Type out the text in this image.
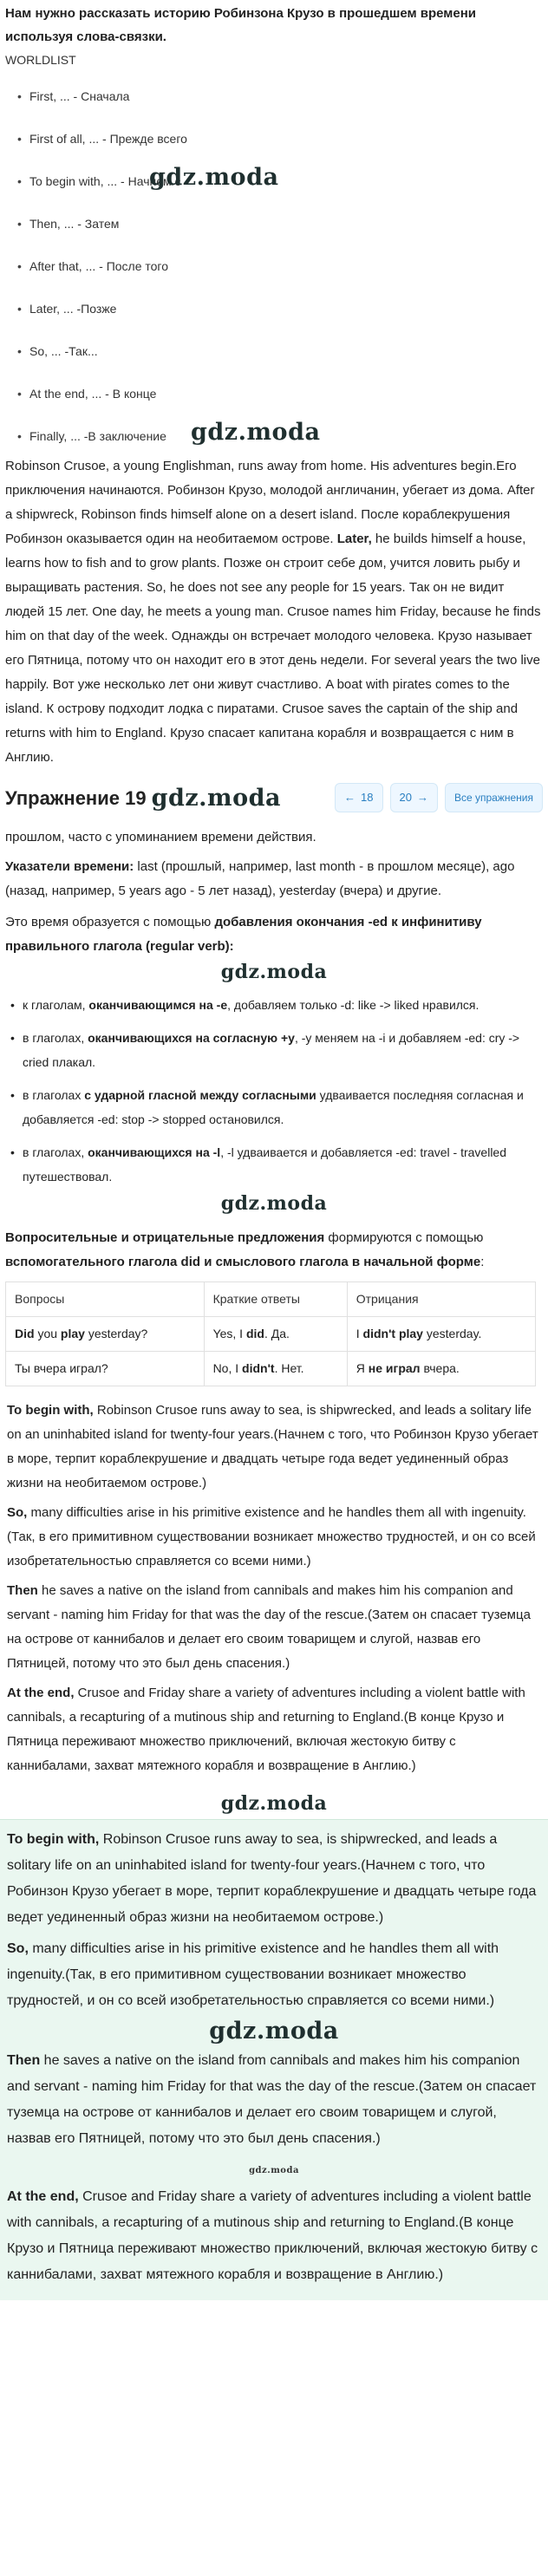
Нам нужно рассказать историю Робинзона Крузо в прошедшем времени используя слова-связки.

WORLDLIST

• First, ... - Сначала
• First of all, ... - Прежде всего
• To begin with, ... - Начнем с
gdz.moda
• Then, ... - Затем
• After that, ... - После того
• Later, ... -Позже
• So, ... -Так...
• At the end, ... - В конце
• Finally, ... -В заключение gdz.moda

Robinson Crusoe, a young Englishman, runs away from home. His adventures begin.Его приключения начинаются. Робинзон Крузо, молодой англичанин, убегает из дома. After a shipwreck, Robinson finds himself alone on a desert island. После кораблекрушения Робинзон оказывается один на необитаемом острове. Later, he builds himself a house, learns how to fish and to grow plants. Позже он строит себе дом, учится ловить рыбу и выращивать растения. So, he does not see any people for 15 years. Так он не видит людей 15 лет. One day, he meets a young man. Crusoe names him Friday, because he finds him on that day of the week. Однажды он встречает молодого человека. Крузо называет его Пятница, потому что он находит его в этот день недели. For several years the two live happily. Вот уже несколько лет они живут счастливо. A boat with pirates comes to the island. К острову подходит лодка с пиратами. Crusoe saves the captain of the ship and returns with him to England. Крузо спасает капитана корабля и возвращается с ним в Англию.

Упражнение 19 gdz.moda	← 18 20 →	Все упражнения

прошлом, часто с упоминанием времени действия.

Указатели времени: last (прошлый, например, last month - в прошлом месяце), ago (назад, например, 5 years ago - 5 лет назад), yesterday (вчера) и другие.

Это время образуется с помощью добавления окончания -ed к инфинитиву правильного глагола (regular verb):

gdz.moda
• к глаголам, оканчивающимся на -e, добавляем только -d: like -> liked нравился.
• в глаголах, оканчивающихся на согласную +y, -y меняем на -i и добавляем -ed: cry -> cried плакал.
• в глаголах с ударной гласной между согласными удваивается последняя согласная и добавляется -ed: stop -> stopped остановился.
• в глаголах, оканчивающихся на -l, -l удваивается и добавляется -ed: travel - travelled путешествовал.
gdz.moda

Вопросительные и отрицательные предложения формируются с помощью вспомогательного глагола did и смыслового глагола в начальной форме:

Вопросы	Краткие ответы	Отрицания
Did you play yesterday?	Yes, I did. Да.	I didn't play yesterday.
Ты вчера играл?	No, I didn't. Нет.	Я не играл вчера.

To begin with, Robinson Crusoe runs away to sea, is shipwrecked, and leads a solitary life on an uninhabited island for twenty-four years.(Начнем с того, что Робинзон Крузо убегает в море, терпит кораблекрушение и двадцать четыре года ведет уединенный образ жизни на необитаемом острове.)

So, many difficulties arise in his primitive existence and he handles them all with ingenuity.(Так, в его примитивном существовании возникает множество трудностей, и он со всей изобретательностью справляется со всеми ними.)

Then he saves a native on the island from cannibals and makes him his companion and servant - naming him Friday for that was the day of the rescue.(Затем он спасает туземца на острове от каннибалов и делает его своим товарищем и слугой, назвав его Пятницей, потому что это был день спасения.)

At the end, Crusoe and Friday share a variety of adventures including a violent battle with cannibals, a recapturing of a mutinous ship and returning to England.(В конце Крузо и Пятница переживают множество приключений, включая жестокую битву с каннибалами, захват мятежного корабля и возвращение в Англию.)

gdz.moda

To begin with, Robinson Crusoe runs away to sea, is shipwrecked, and leads a solitary life on an uninhabited island for twenty-four years.(Начнем с того, что Робинзон Крузо убегает в море, терпит кораблекрушение и двадцать четыре года ведет уединенный образ жизни на необитаемом острове.)

So, many difficulties arise in his primitive existence and he handles them all with ingenuity.(Так, в его примитивном существовании возникает множество трудностей, и он со всей изобретательностью справляется со всеми ними.)

gdz.moda

Then he saves a native on the island from cannibals and makes him his companion and servant - naming him Friday for that was the day of the rescue.(Затем он спасает туземца на острове от каннибалов и делает его своим товарищем и слугой, назвав его Пятницей, потому что это был день спасения.)

gdz.moda

At the end, Crusoe and Friday share a variety of adventures including a violent battle with cannibals, a recapturing of a mutinous ship and returning to England.(В конце Крузо и Пятница переживают множество приключений, включая жестокую битву с каннибалами, захват мятежного корабля и возвращение в Англию.)
